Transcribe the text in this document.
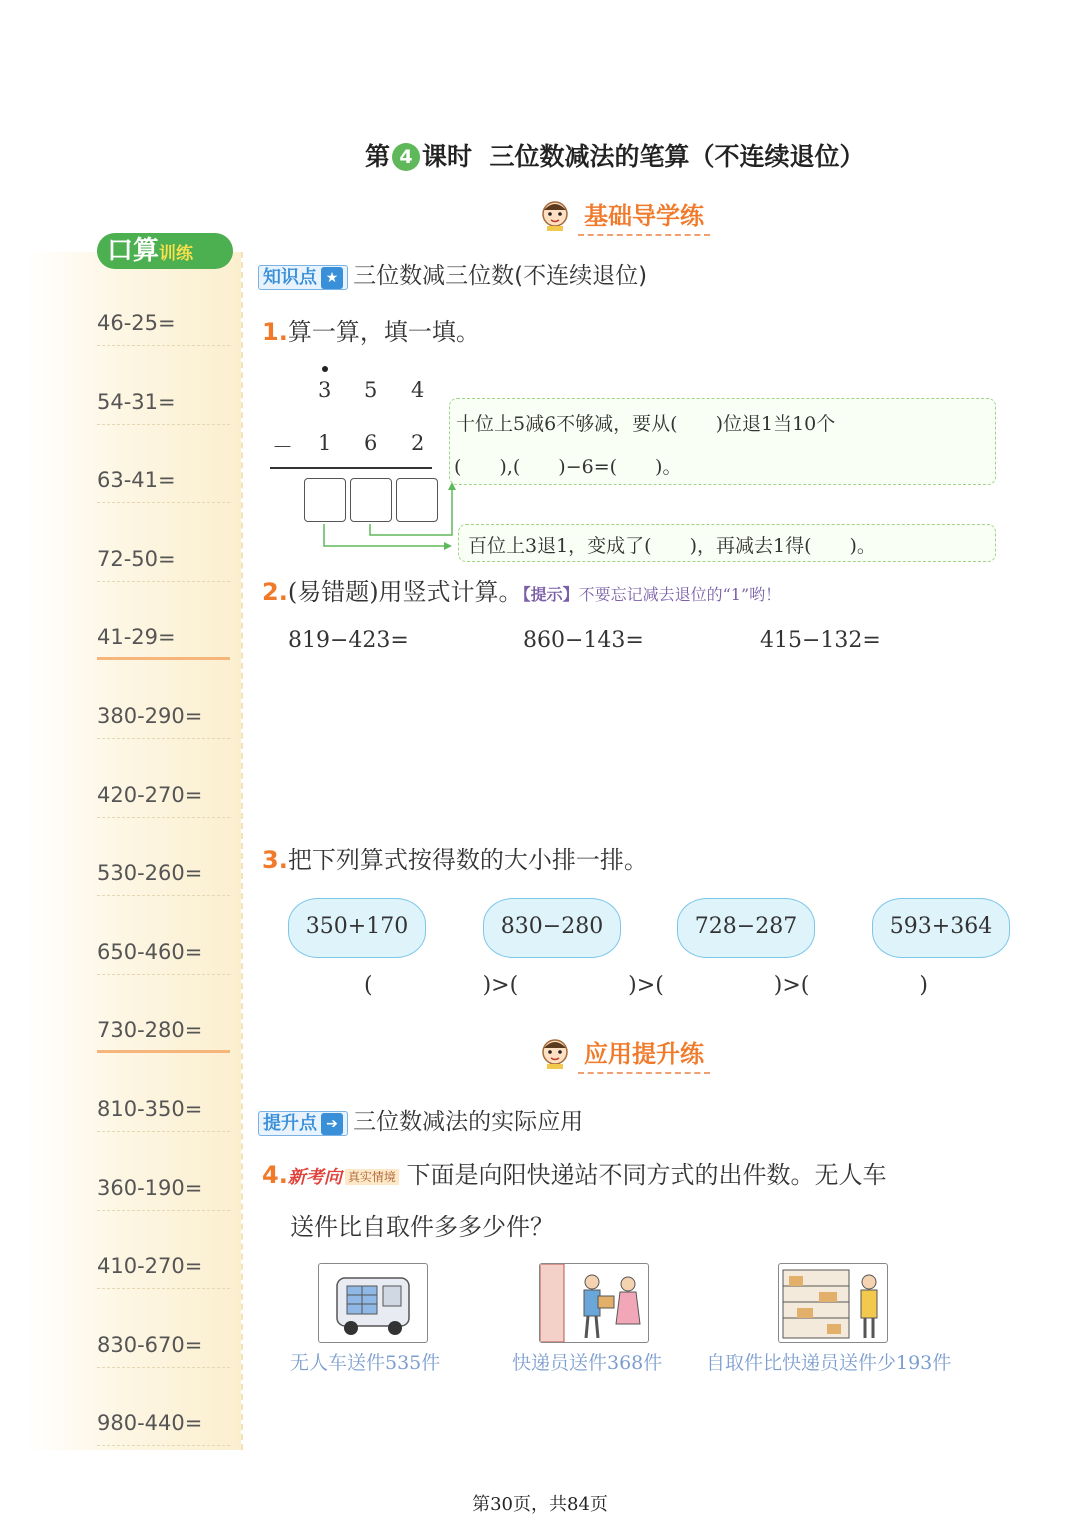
第 4 课时 三位数减法的笔算（不连续退位）
基础导学练
口算训练
46-25=
54-31=
63-41=
72-50=
41-29=
380-290=
420-270=
530-260=
650-460=
730-280=
810-350=
360-190=
410-270=
830-670=
980-440=
知识点 ★ 三位数减三位数(不连续退位)
1.算一算，填一填。
3 5 4
－ 1 6 2
十位上5减6不够减，要从(　　)位退1当10个
(　　),(　　)−6=(　　)。
百位上3退1，变成了(　　)，再减去1得(　　)。
2.(易错题)用竖式计算。【提示】不要忘记减去退位的“1”哟！
819−423=	860−143=	415−132=
3.把下列算式按得数的大小排一排。
350+170	830−280	728−287	593+364
(　　　　　)>(　　　　　)>(　　　　　)>(　　　　　)
应用提升练
提升点 ➔ 三位数减法的实际应用
4.新考向 真实情境 下面是向阳快递站不同方式的出件数。无人车
送件比自取件多多少件？
无人车送件535件	快递员送件368件 自取件比快递员送件少193件
第30页，共84页
